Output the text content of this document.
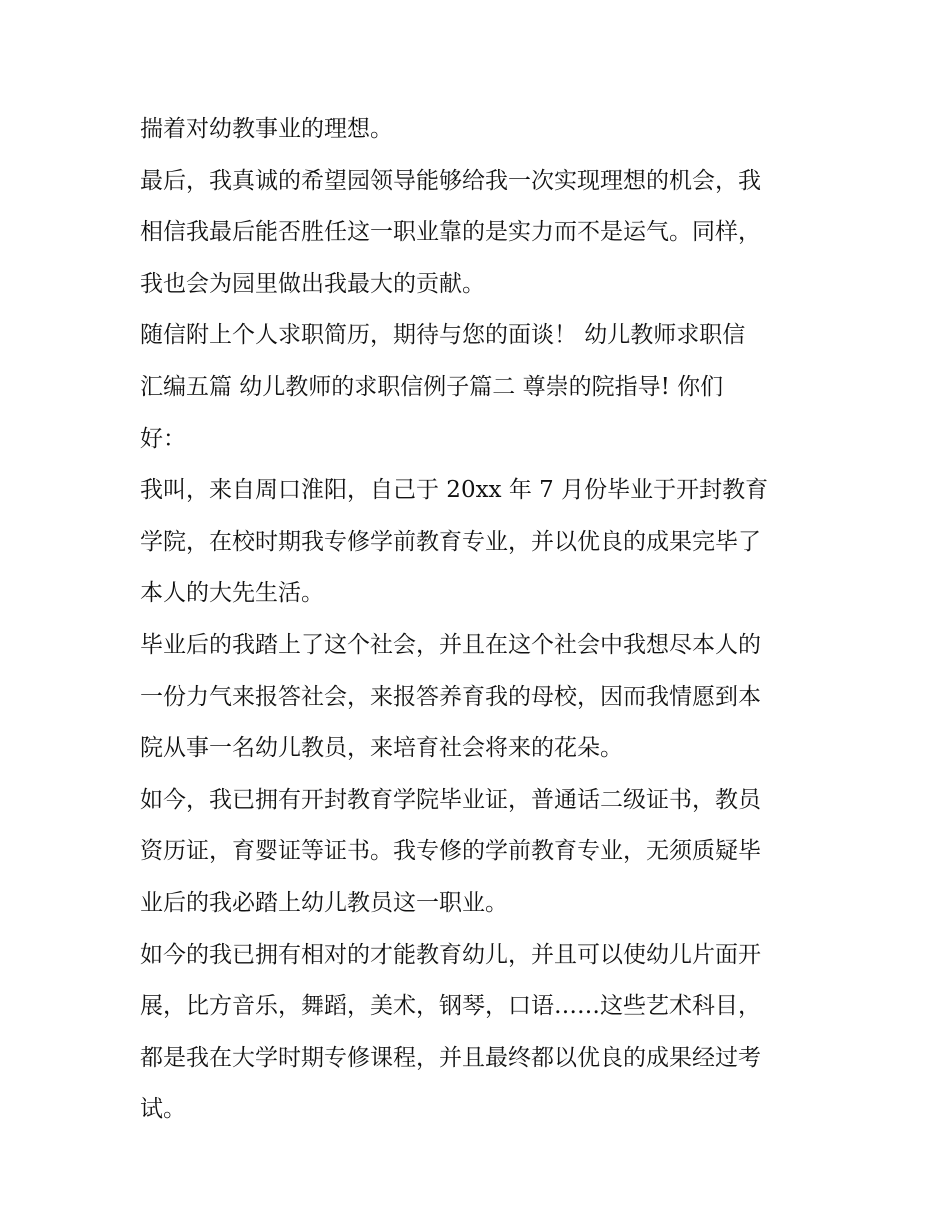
揣着对幼教事业的理想。

最后，我真诚的希望园领导能够给我一次实现理想的机会，我
相信我最后能否胜任这一职业靠的是实力而不是运气。同样，
我也会为园里做出我最大的贡献。

随信附上个人求职简历，期待与您的面谈！ 幼儿教师求职信
汇编五篇 幼儿教师的求职信例子篇二 尊崇的院指导! 你们
好：

我叫，来自周口淮阳，自己于 20xx 年 7 月份毕业于开封教育
学院，在校时期我专修学前教育专业，并以优良的成果完毕了
本人的大先生活。

毕业后的我踏上了这个社会，并且在这个社会中我想尽本人的
一份力气来报答社会，来报答养育我的母校，因而我情愿到本
院从事一名幼儿教员，来培育社会将来的花朵。

如今，我已拥有开封教育学院毕业证，普通话二级证书，教员
资历证，育婴证等证书。我专修的学前教育专业，无须质疑毕
业后的我必踏上幼儿教员这一职业。

如今的我已拥有相对的才能教育幼儿，并且可以使幼儿片面开
展，比方音乐，舞蹈，美术，钢琴，口语……这些艺术科目，
都是我在大学时期专修课程，并且最终都以优良的成果经过考
试。
